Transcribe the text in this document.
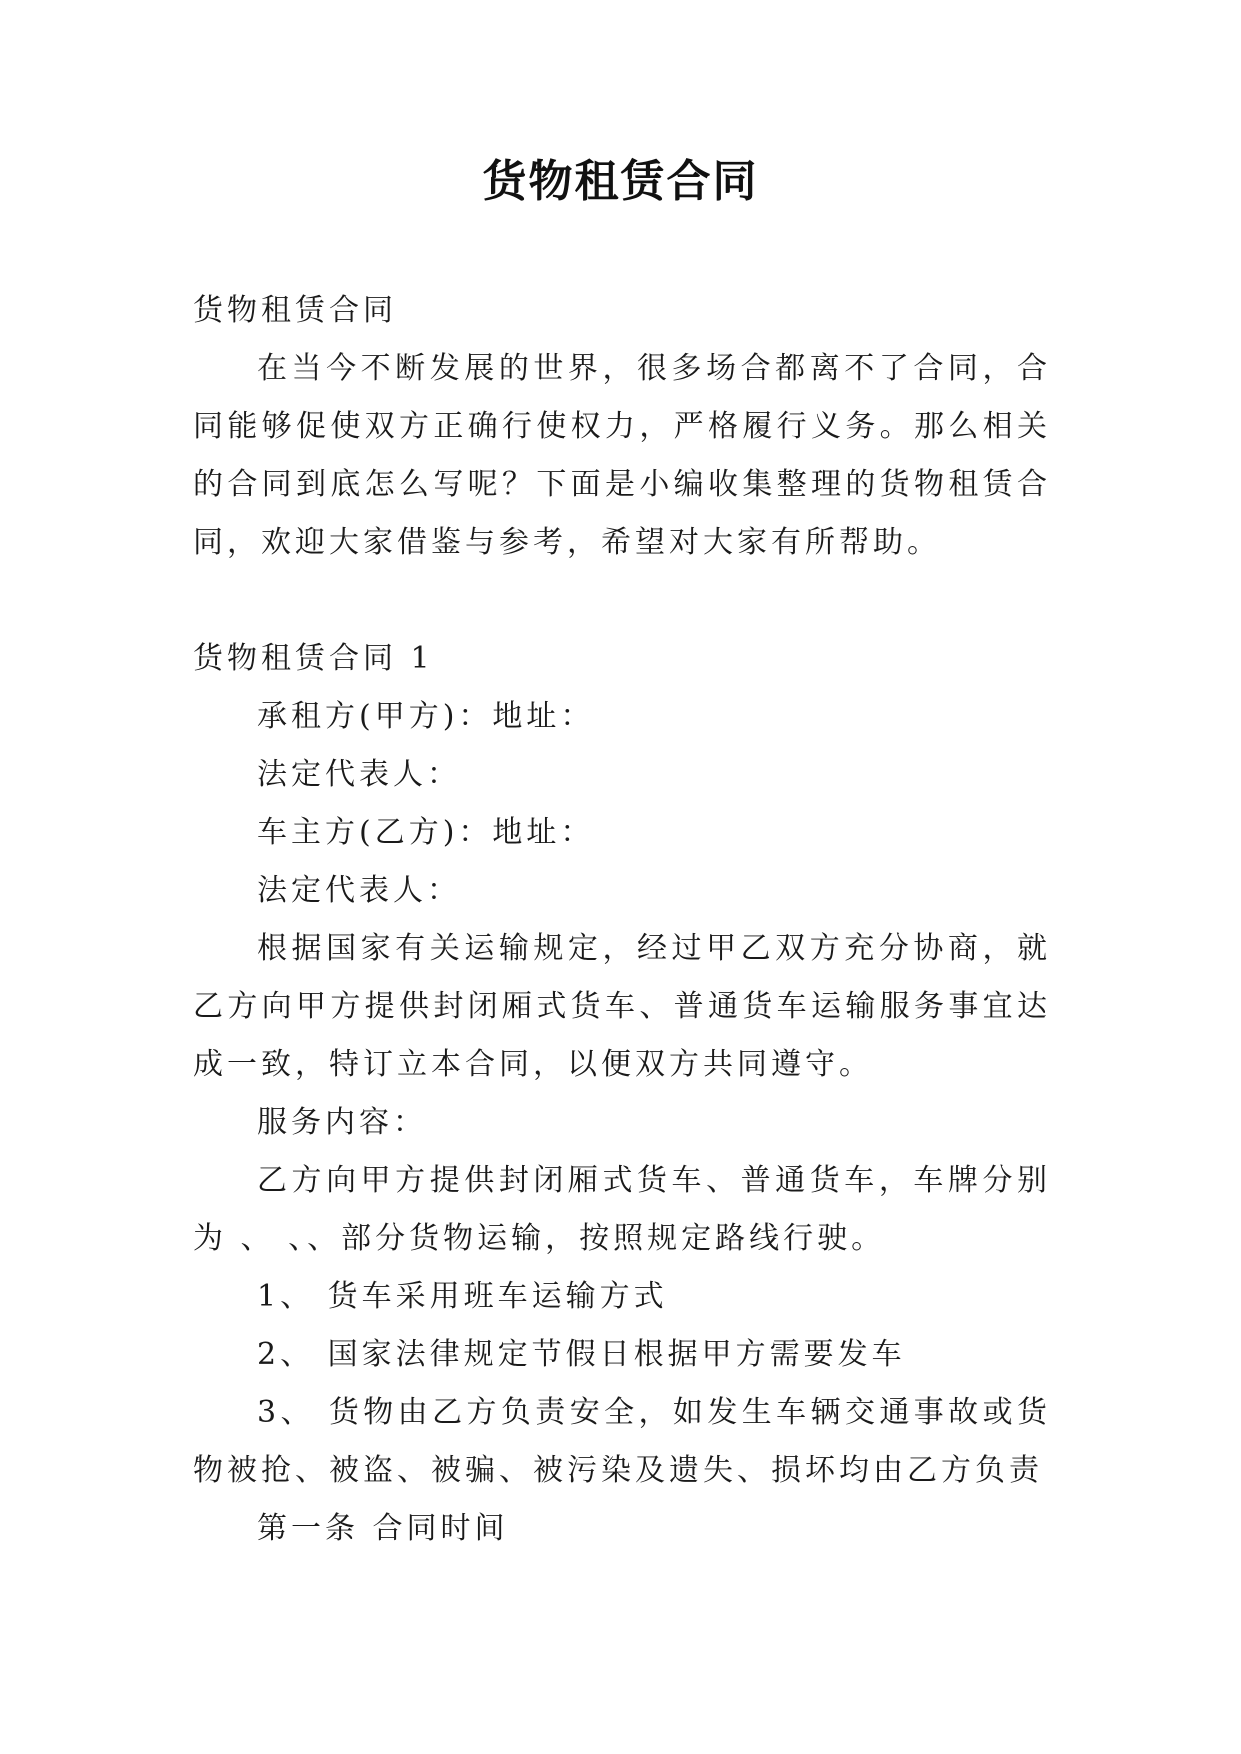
货物租赁合同

货物租赁合同

在当今不断发展的世界，很多场合都离不了合同，合同能够促使双方正确行使权力，严格履行义务。那么相关的合同到底怎么写呢？下面是小编收集整理的货物租赁合同，欢迎大家借鉴与参考，希望对大家有所帮助。

货物租赁合同 1

承租方(甲方)：地址：

法定代表人：

车主方(乙方)：地址：

法定代表人：

根据国家有关运输规定，经过甲乙双方充分协商，就乙方向甲方提供封闭厢式货车、普通货车运输服务事宜达成一致，特订立本合同，以便双方共同遵守。

服务内容：

乙方向甲方提供封闭厢式货车、普通货车，车牌分别为 、 、、部分货物运输，按照规定路线行驶。

1、 货车采用班车运输方式

2、 国家法律规定节假日根据甲方需要发车

3、 货物由乙方负责安全，如发生车辆交通事故或货物被抢、被盗、被骗、被污染及遗失、损坏均由乙方负责

第一条 合同时间
